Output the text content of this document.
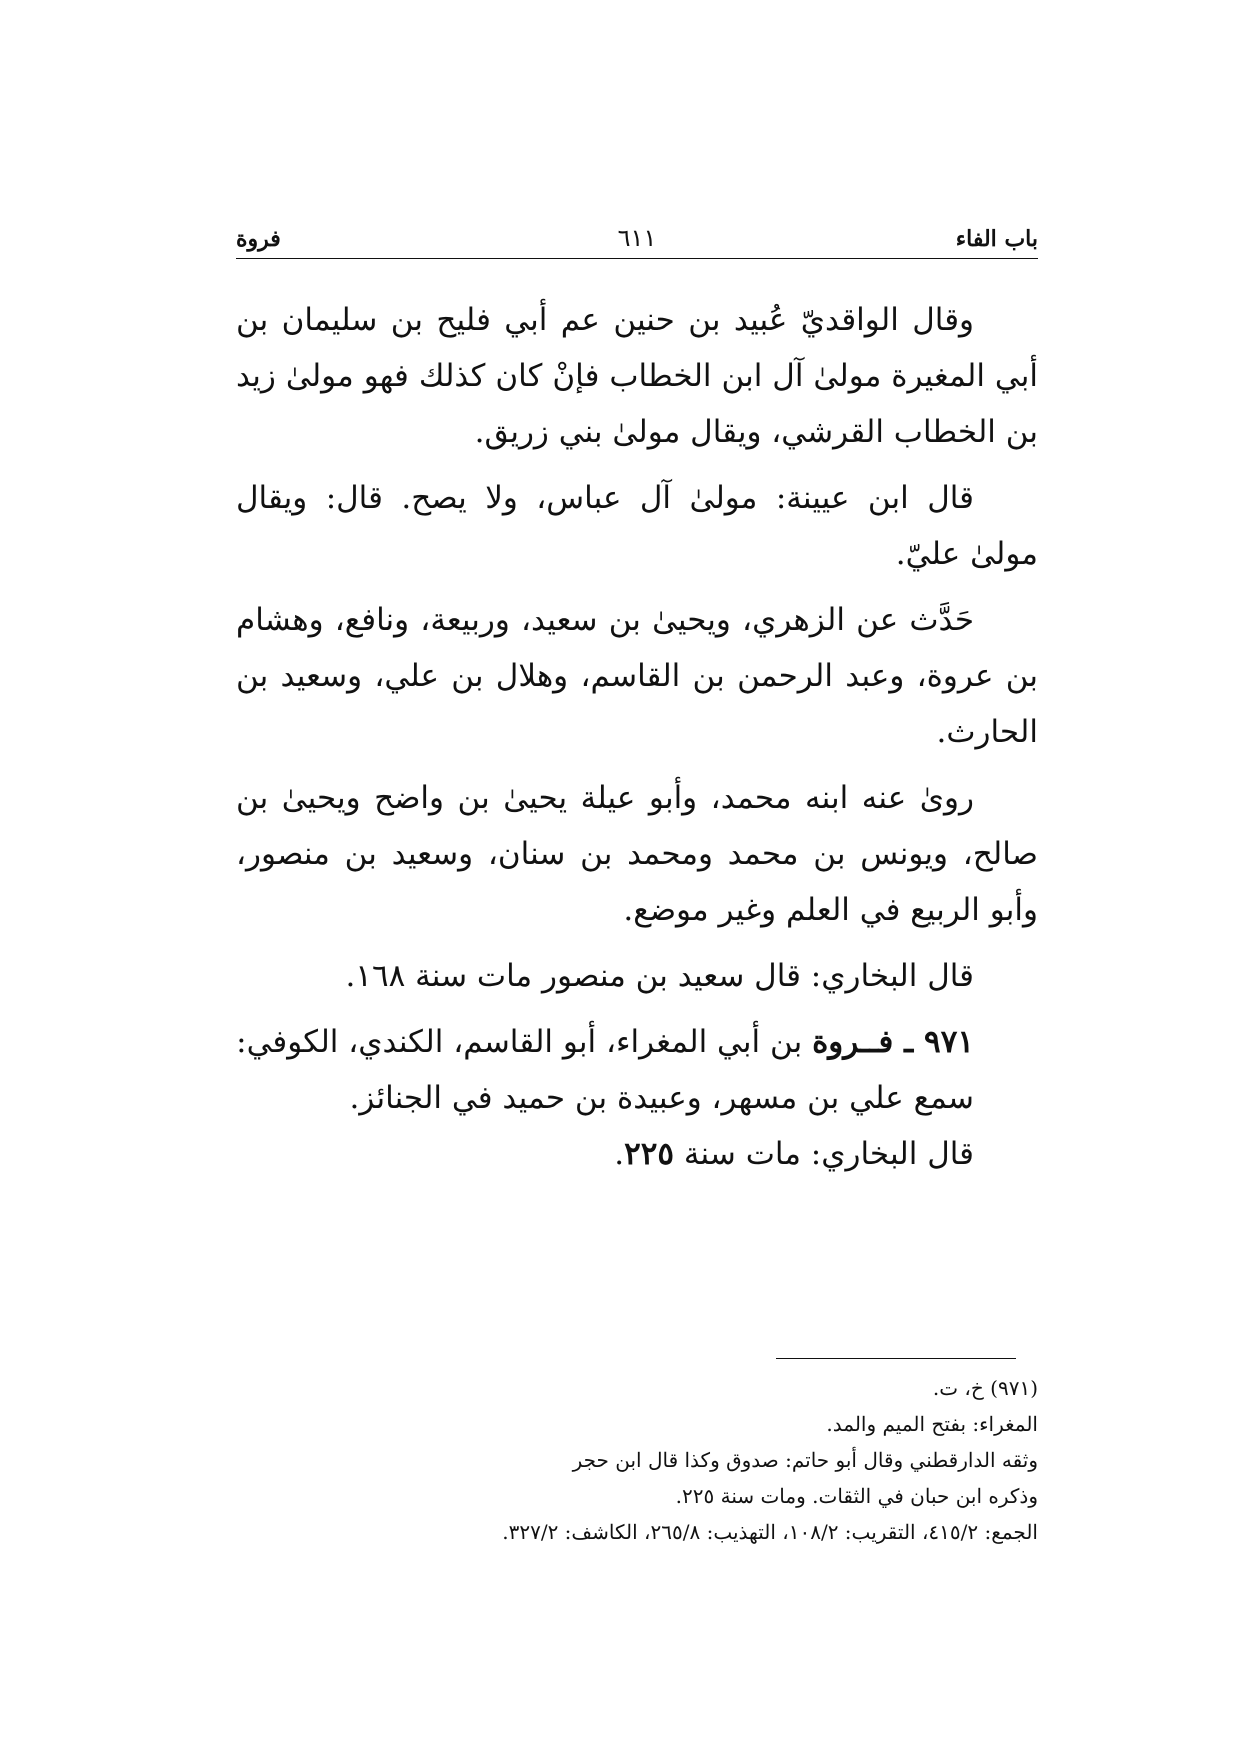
باب الفاء
٦١١
فروة

وقال الواقديّ عُبيد بن حنين عم أبي فليح بن سليمان بن أبي المغيرة مولىٰ آل ابن الخطاب فإنْ كان كذلك فهو مولىٰ زيد بن الخطاب القرشي، ويقال مولىٰ بني زريق.

قال ابن عيينة: مولىٰ آل عباس، ولا يصح. قال: ويقال مولىٰ عليّ.

حَدَّث عن الزهري، ويحيىٰ بن سعيد، وربيعة، ونافع، وهشام بن عروة، وعبد الرحمن بن القاسم، وهلال بن علي، وسعيد بن الحارث.

روىٰ عنه ابنه محمد، وأبو عيلة يحيىٰ بن واضح ويحيىٰ بن صالح، ويونس بن محمد ومحمد بن سنان، وسعيد بن منصور، وأبو الربيع في العلم وغير موضع.

قال البخاري: قال سعيد بن منصور مات سنة ١٦٨.

٩٧١ ـ فــروة بن أبي المغراء، أبو القاسم، الكندي، الكوفي:

سمع علي بن مسهر، وعبيدة بن حميد في الجنائز.

قال البخاري: مات سنة ٢٢٥.

(٩٧١) خ، ت.
المغراء: بفتح الميم والمد.
وثقه الدارقطني وقال أبو حاتم: صدوق وكذا قال ابن حجر
وذكره ابن حبان في الثقات. ومات سنة ٢٢٥.
الجمع: ٤١٥/٢، التقريب: ١٠٨/٢، التهذيب: ٢٦٥/٨، الكاشف: ٣٢٧/٢.
